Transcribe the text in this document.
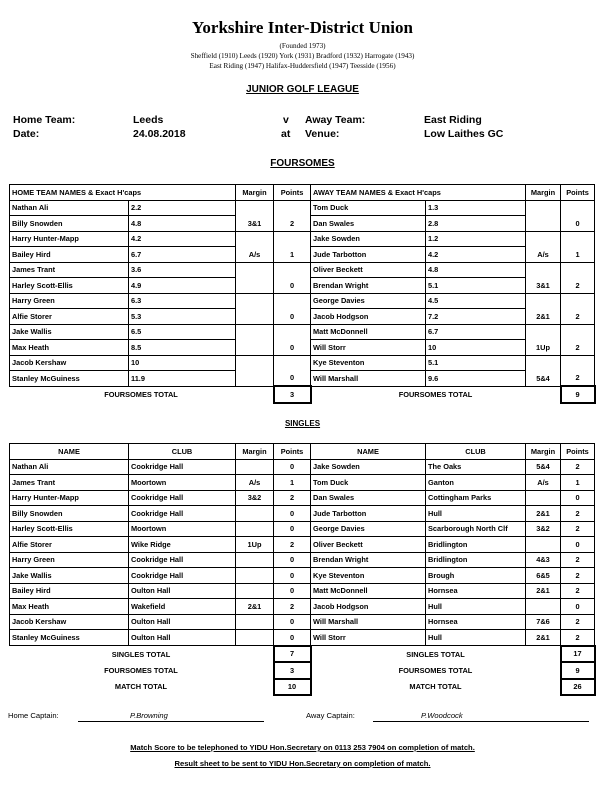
Yorkshire Inter-District Union
(Founded 1973)
Sheffield (1910) Leeds (1920) York (1931) Bradford (1932) Harrogate (1943)
East Riding (1947) Halifax-Huddersfield (1947) Teesside (1956)
JUNIOR GOLF LEAGUE
Home Team:	Leeds	v Away Team:	East Riding
Date:	24.08.2018	at Venue:	Low Laithes GC
FOURSOMES
HOME TEAM NAMES & Exact H'caps		Margin	Points	AWAY TEAM NAMES & Exact H'caps		Margin	Points
Nathan Ali	2.2			Tom Duck	1.3		
Billy Snowden	4.8	3&1	2	Dan Swales	2.8		0
Harry Hunter-Mapp	4.2			Jake Sowden	1.2		
Bailey Hird	6.7	A/s	1	Jude Tarbotton	4.2	A/s	1
James Trant	3.6			Oliver Beckett	4.8		
Harley Scott-Ellis	4.9		0	Brendan Wright	5.1	3&1	2
Harry Green	6.3			George Davies	4.5		
Alfie Storer	5.3		0	Jacob Hodgson	7.2	2&1	2
Jake Wallis	6.5			Matt McDonnell	6.7		
Max Heath	8.5		0	Will Storr	10	1Up	2
Jacob Kershaw	10			Kye Steventon	5.1		
Stanley McGuiness	11.9		0	Will Marshall	9.6	5&4	2
FOURSOMES TOTAL			3	FOURSOMES TOTAL			9
SINGLES
NAME	CLUB	Margin	Points	NAME	CLUB	Margin	Points
Nathan Ali	Cookridge Hall		0	Jake Sowden	The Oaks	5&4	2
James Trant	Moortown	A/s	1	Tom Duck	Ganton	A/s	1
Harry Hunter-Mapp	Cookridge Hall	3&2	2	Dan Swales	Cottingham Parks		0
Billy Snowden	Cookridge Hall		0	Jude Tarbotton	Hull	2&1	2
Harley Scott-Ellis	Moortown		0	George Davies	Scarborough North Clf	3&2	2
Alfie Storer	Wike Ridge	1Up	2	Oliver Beckett	Bridlington		0
Harry Green	Cookridge Hall		0	Brendan Wright	Bridlington	4&3	2
Jake Wallis	Cookridge Hall		0	Kye Steventon	Brough	6&5	2
Bailey Hird	Oulton Hall		0	Matt McDonnell	Hornsea	2&1	2
Max Heath	Wakefield	2&1	2	Jacob Hodgson	Hull		0
Jacob Kershaw	Oulton Hall		0	Will Marshall	Hornsea	7&6	2
Stanley McGuiness	Oulton Hall		0	Will Storr	Hull	2&1	2
SINGLES TOTAL			7	SINGLES TOTAL			17
FOURSOMES TOTAL			3	FOURSOMES TOTAL			9
MATCH TOTAL			10	MATCH TOTAL			26
Home Captain:	P.Browning	Away Captain:	P.Woodcock
Match Score to be telephoned to YIDU Hon.Secretary on 0113 253 7904 on completion of match.
Result sheet to be sent to YIDU Hon.Secretary on completion of match.
